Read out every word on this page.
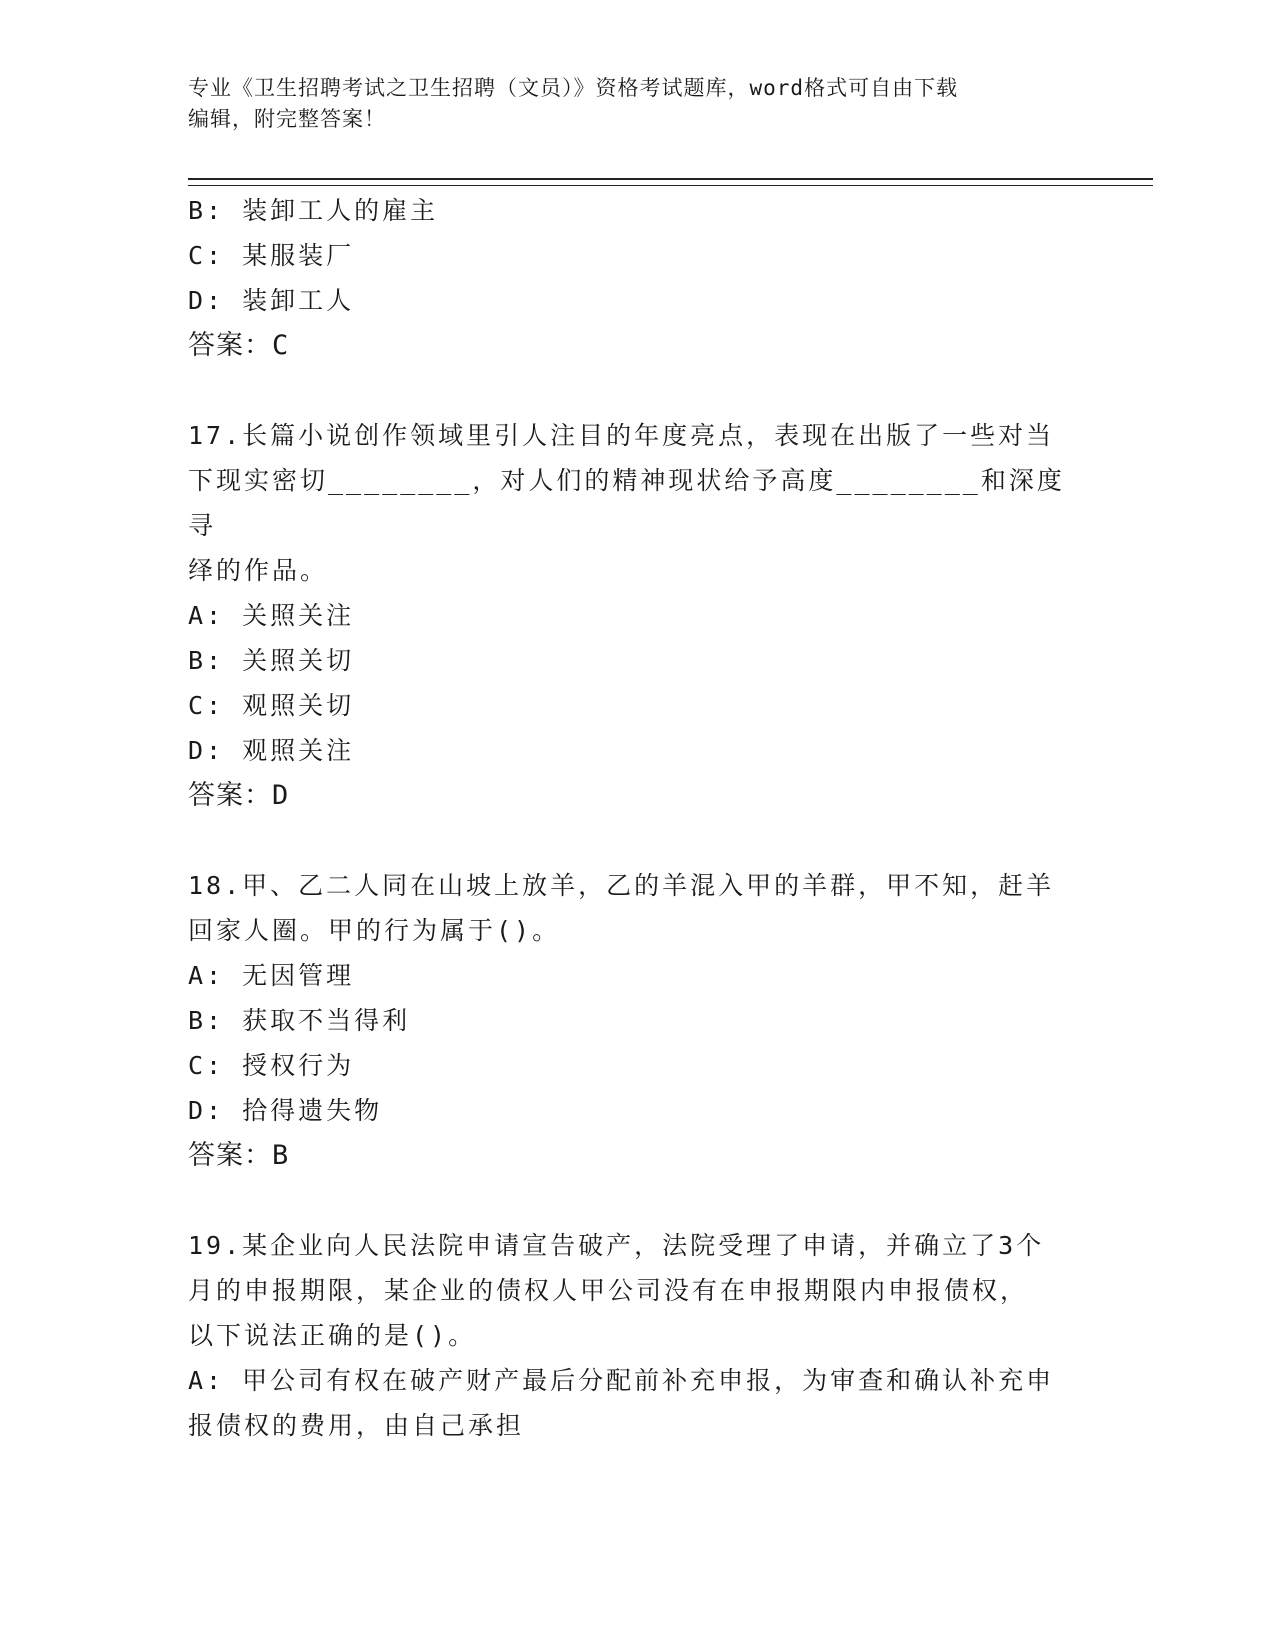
专业《卫生招聘考试之卫生招聘（文员）》资格考试题库，word格式可自由下载
编辑，附完整答案！
B: 装卸工人的雇主
C: 某服装厂
D: 装卸工人
答案：C
17.长篇小说创作领域里引人注目的年度亮点，表现在出版了一些对当
下现实密切________，对人们的精神现状给予高度________和深度寻
绎的作品。
A: 关照关注
B: 关照关切
C: 观照关切
D: 观照关注
答案：D
18.甲、乙二人同在山坡上放羊，乙的羊混入甲的羊群，甲不知，赶羊
回家人圈。甲的行为属于()。
A: 无因管理
B: 获取不当得利
C: 授权行为
D: 拾得遗失物
答案：B
19.某企业向人民法院申请宣告破产，法院受理了申请，并确立了3个
月的申报期限，某企业的债权人甲公司没有在申报期限内申报债权，
以下说法正确的是()。
A: 甲公司有权在破产财产最后分配前补充申报，为审查和确认补充申
报债权的费用，由自己承担
